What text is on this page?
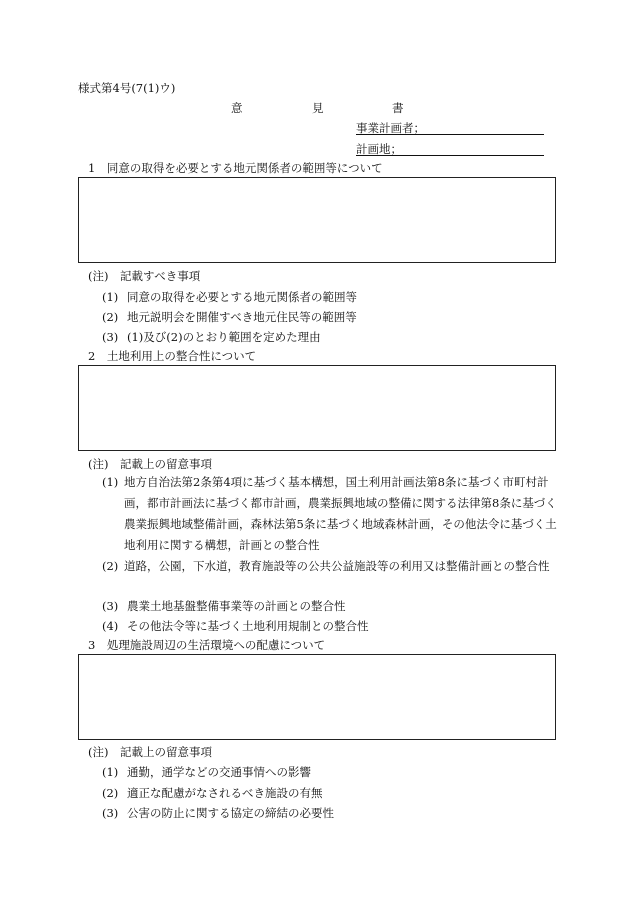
様式第4号(7(1)ウ)
意	見	書
事業計画者；
計画地；
1　同意の取得を必要とする地元関係者の範囲等について
(注)　記載すべき事項
(1) 同意の取得を必要とする地元関係者の範囲等
(2) 地元説明会を開催すべき地元住民等の範囲等
(3) (1)及び(2)のとおり範囲を定めた理由
2　土地利用上の整合性について
(注)　記載上の留意事項
(1) 地方自治法第2条第4項に基づく基本構想，国土利用計画法第8条に基づく市町村計画，都市計画法に基づく都市計画，農業振興地域の整備に関する法律第8条に基づく農業振興地域整備計画，森林法第5条に基づく地域森林計画，その他法令に基づく土地利用に関する構想，計画との整合性
(2) 道路，公園，下水道，教育施設等の公共公益施設等の利用又は整備計画との整合性
(3) 農業土地基盤整備事業等の計画との整合性
(4) その他法令等に基づく土地利用規制との整合性
3　処理施設周辺の生活環境への配慮について
(注)　記載上の留意事項
(1) 通勤，通学などの交通事情への影響
(2) 適正な配慮がなされるべき施設の有無
(3) 公害の防止に関する協定の締結の必要性
